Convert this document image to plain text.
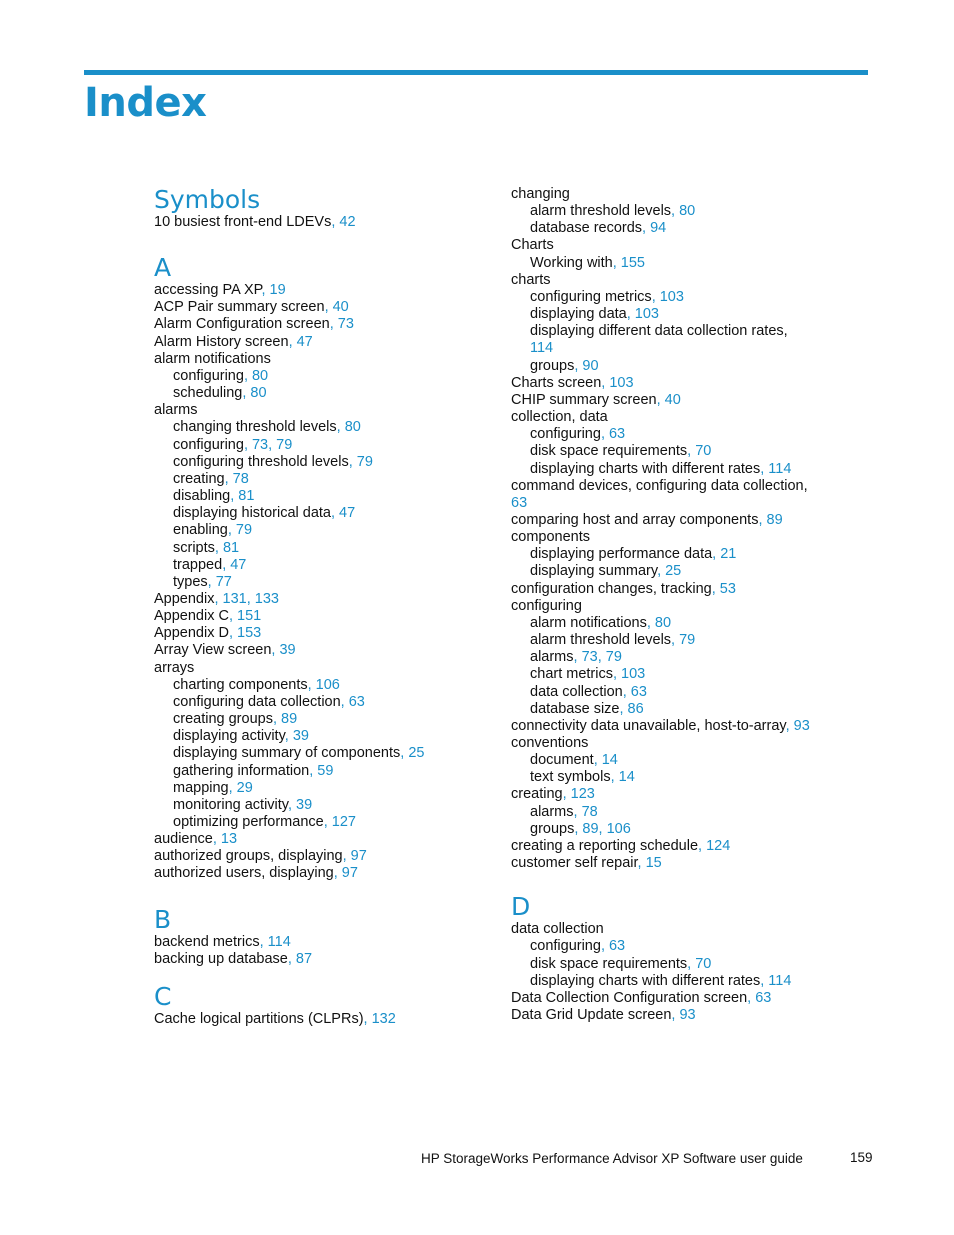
Index
Symbols
10 busiest front-end LDEVs, 42
A
accessing PA XP, 19
ACP Pair summary screen, 40
Alarm Configuration screen, 73
Alarm History screen, 47
alarm notifications
configuring, 80
scheduling, 80
alarms
changing threshold levels, 80
configuring, 73, 79
configuring threshold levels, 79
creating, 78
disabling, 81
displaying historical data, 47
enabling, 79
scripts, 81
trapped, 47
types, 77
Appendix, 131, 133
Appendix C, 151
Appendix D, 153
Array View screen, 39
arrays
charting components, 106
configuring data collection, 63
creating groups, 89
displaying activity, 39
displaying summary of components, 25
gathering information, 59
mapping, 29
monitoring activity, 39
optimizing performance, 127
audience, 13
authorized groups, displaying, 97
authorized users, displaying, 97
B
backend metrics, 114
backing up database, 87
C
Cache logical partitions (CLPRs), 132
changing
alarm threshold levels, 80
database records, 94
Charts
Working with, 155
charts
configuring metrics, 103
displaying data, 103
displaying different data collection rates,
114
groups, 90
Charts screen, 103
CHIP summary screen, 40
collection, data
configuring, 63
disk space requirements, 70
displaying charts with different rates, 114
command devices, configuring data collection,
63
comparing host and array components, 89
components
displaying performance data, 21
displaying summary, 25
configuration changes, tracking, 53
configuring
alarm notifications, 80
alarm threshold levels, 79
alarms, 73, 79
chart metrics, 103
data collection, 63
database size, 86
connectivity data unavailable, host-to-array, 93
conventions
document, 14
text symbols, 14
creating, 123
alarms, 78
groups, 89, 106
creating a reporting schedule, 124
customer self repair, 15
D
data collection
configuring, 63
disk space requirements, 70
displaying charts with different rates, 114
Data Collection Configuration screen, 63
Data Grid Update screen, 93
HP StorageWorks Performance Advisor XP Software user guide	159
